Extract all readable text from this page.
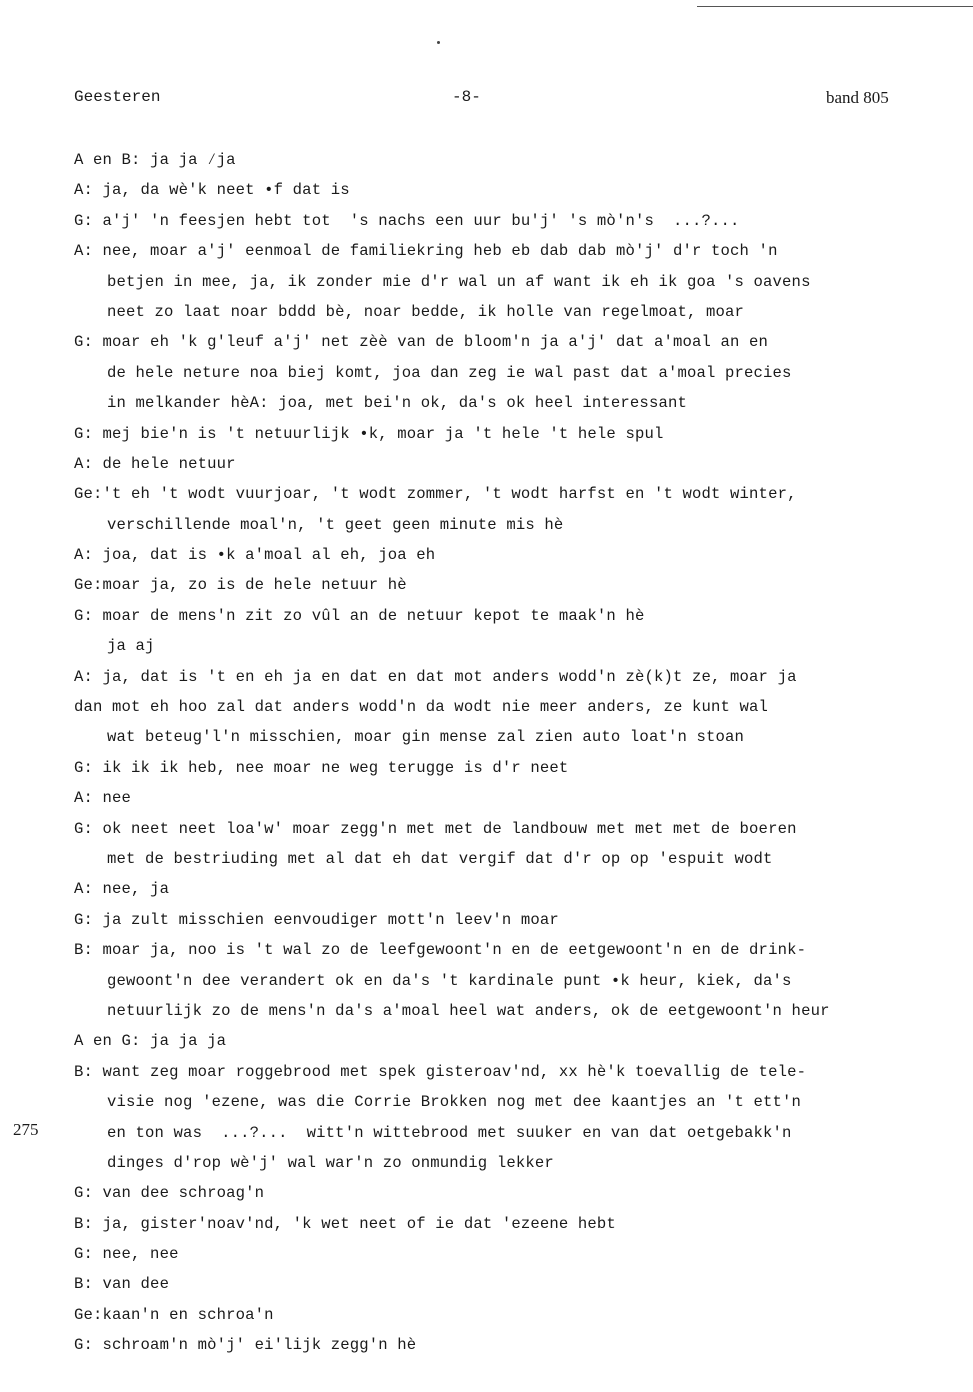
Geesteren	-8-	band 805
275
A en B: ja ja ⁄ja
A: ja, da wè'k neet •f dat is
G: a'j' 'n feesjen hebt tot  's nachs een uur bu'j' 's mò'n's  ...?...
A: nee, moar a'j' eenmoal de familiekring heb eb dab dab mò'j' d'r toch 'n
betjen in mee, ja, ik zonder mie d'r wal un af want ik eh ik goa 's oavens
neet zo laat noar bddd bè, noar bedde, ik holle van regelmoat, moar
G: moar eh 'k g'leuf a'j' net zèè van de bloom'n ja a'j' dat a'moal an en
de hele neture noa biej komt, joa dan zeg ie wal past dat a'moal precies
in melkander hèA: joa, met bei'n ok, da's ok heel interessant
G: mej bie'n is 't netuurlijk •k, moar ja 't hele 't hele spul
A: de hele netuur
Ge:'t eh 't wodt vuurjoar, 't wodt zommer, 't wodt harfst en 't wodt winter,
verschillende moal'n, 't geet geen minute mis hè
A: joa, dat is •k a'moal al eh, joa eh
Ge:moar ja, zo is de hele netuur hè
G: moar de mens'n zit zo vûl an de netuur kepot te maak'n hè
ja aj
A: ja, dat is 't en eh ja en dat en dat mot anders wodd'n zè(k)t ze, moar ja
dan mot eh hoo zal dat anders wodd'n da wodt nie meer anders, ze kunt wal
wat beteug'l'n misschien, moar gin mense zal zien auto loat'n stoan
G: ik ik ik heb, nee moar ne weg terugge is d'r neet
A: nee
G: ok neet neet loa'w' moar zegg'n met met de landbouw met met met de boeren
met de bestriuding met al dat eh dat vergif dat d'r op op 'espuit wodt
A: nee, ja
G: ja zult misschien eenvoudiger mott'n leev'n moar
B: moar ja, noo is 't wal zo de leefgewoont'n en de eetgewoont'n en de drink-
gewoont'n dee verandert ok en da's 't kardinale punt •k heur, kiek, da's
netuurlijk zo de mens'n da's a'moal heel wat anders, ok de eetgewoont'n heur
A en G: ja ja ja
B: want zeg moar roggebrood met spek gisteroav'nd, xx hè'k toevallig de tele-
visie nog 'ezene, was die Corrie Brokken nog met dee kaantjes an 't ett'n
en ton was  ...?...  witt'n wittebrood met suuker en van dat oetgebakk'n
dinges d'rop wè'j' wal war'n zo onmundig lekker
G: van dee schroag'n
B: ja, gister'noav'nd, 'k wet neet of ie dat 'ezeene hebt
G: nee, nee
B: van dee
Ge:kaan'n en schroa'n
G: schroam'n mò'j' ei'lijk zegg'n hè
